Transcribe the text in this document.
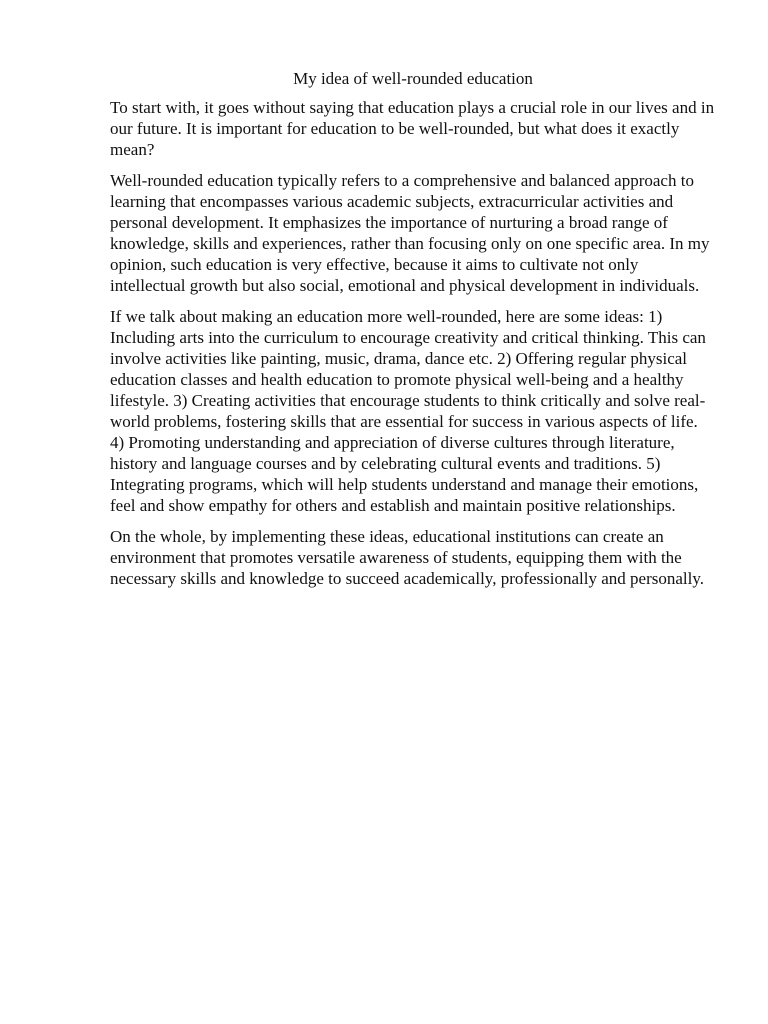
My idea of well-rounded education

To start with, it goes without saying that education plays a crucial role in our lives and in our future. It is important for education to be well-rounded, but what does it exactly mean?

Well-rounded education typically refers to a comprehensive and balanced approach to learning that encompasses various academic subjects, extracurricular activities and personal development. It emphasizes the importance of nurturing a broad range of knowledge, skills and experiences, rather than focusing only on one specific area. In my opinion, such education is very effective, because it aims to cultivate not only intellectual growth but also social, emotional and physical development in individuals.

If we talk about making an education more well-rounded, here are some ideas: 1) Including arts into the curriculum to encourage creativity and critical thinking. This can involve activities like painting, music, drama, dance etc. 2) Offering regular physical education classes and health education to promote physical well-being and a healthy lifestyle. 3) Creating activities that encourage students to think critically and solve real-world problems, fostering skills that are essential for success in various aspects of life. 4) Promoting understanding and appreciation of diverse cultures through literature, history and language courses and by celebrating cultural events and traditions. 5) Integrating programs, which will help students understand and manage their emotions, feel and show empathy for others and establish and maintain positive relationships.

On the whole, by implementing these ideas, educational institutions can create an environment that promotes versatile awareness of students, equipping them with the necessary skills and knowledge to succeed academically, professionally and personally.
